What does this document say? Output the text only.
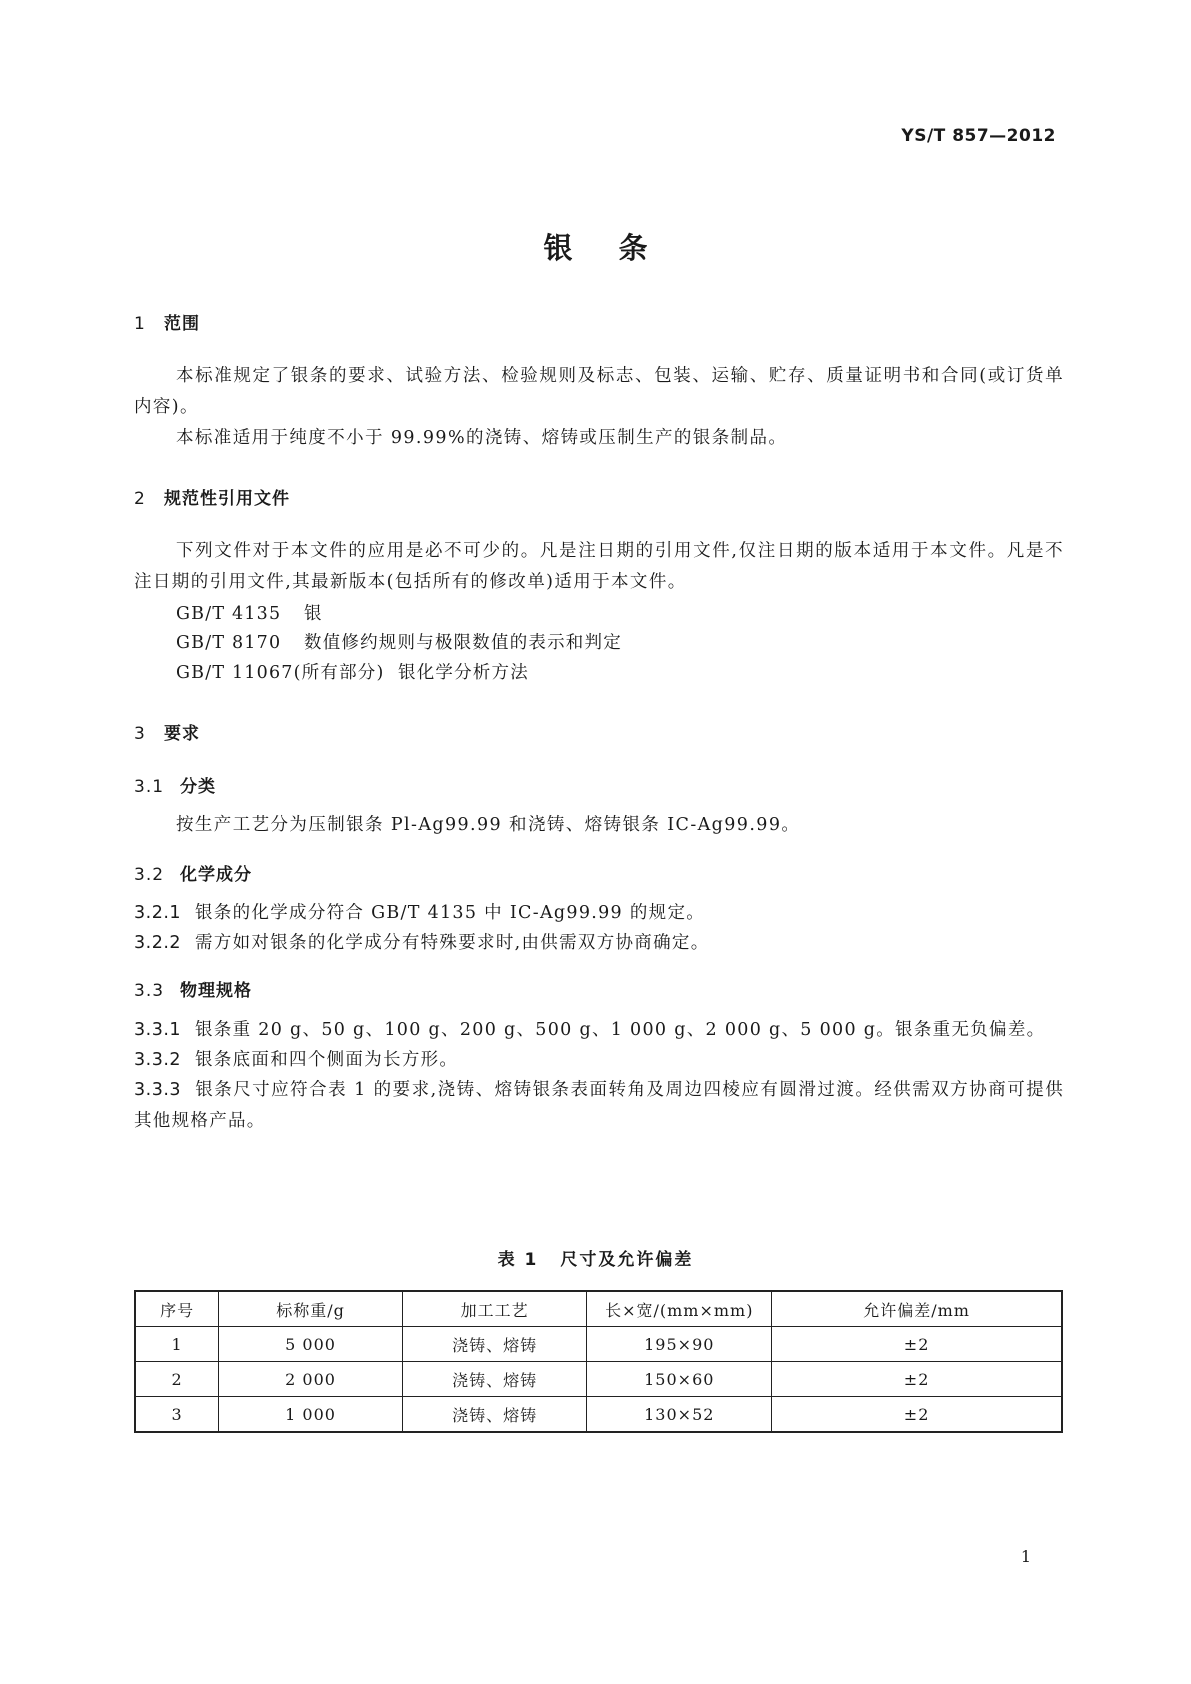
YS/T 857—2012
银条
1 范围
本标准规定了银条的要求、试验方法、检验规则及标志、包装、运输、贮存、质量证明书和合同(或订货单内容)。
本标准适用于纯度不小于 99.99%的浇铸、熔铸或压制生产的银条制品。
2 规范性引用文件
下列文件对于本文件的应用是必不可少的。凡是注日期的引用文件,仅注日期的版本适用于本文件。凡是不注日期的引用文件,其最新版本(包括所有的修改单)适用于本文件。
GB/T 4135 银
GB/T 8170 数值修约规则与极限数值的表示和判定
GB/T 11067(所有部分) 银化学分析方法
3 要求
3.1 分类
按生产工艺分为压制银条 Pl-Ag99.99 和浇铸、熔铸银条 IC-Ag99.99。
3.2 化学成分
3.2.1 银条的化学成分符合 GB/T 4135 中 IC-Ag99.99 的规定。
3.2.2 需方如对银条的化学成分有特殊要求时,由供需双方协商确定。
3.3 物理规格
3.3.1 银条重 20 g、50 g、100 g、200 g、500 g、1 000 g、2 000 g、5 000 g。银条重无负偏差。
3.3.2 银条底面和四个侧面为长方形。
3.3.3 银条尺寸应符合表 1 的要求,浇铸、熔铸银条表面转角及周边四棱应有圆滑过渡。经供需双方协商可提供其他规格产品。
表 1 尺寸及允许偏差
序号	标称重/g	加工工艺	长×宽/(mm×mm)	允许偏差/mm
1	5 000	浇铸、熔铸	195×90	±2
2	2 000	浇铸、熔铸	150×60	±2
3	1 000	浇铸、熔铸	130×52	±2
1
